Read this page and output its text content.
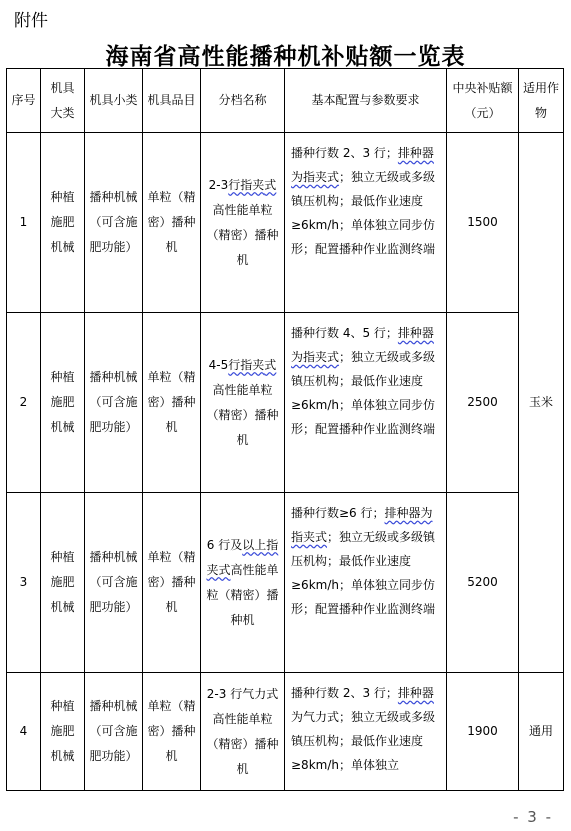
附件
海南省高性能播种机补贴额一览表
序号	机具大类	机具小类	机具品目	分档名称	基本配置与参数要求	中央补贴额（元）	适用作物
1	种植施肥机械	播种机械（可含施肥功能）	单粒（精密）播种机	2-3行指夹式高性能单粒（精密）播种机	播种行数 2、3 行；排种器为指夹式；独立无级或多级镇压机构；最低作业速度≥6km/h；单体独立同步仿形；配置播种作业监测终端	1500	玉米
2	种植施肥机械	播种机械（可含施肥功能）	单粒（精密）播种机	4-5行指夹式高性能单粒（精密）播种机	播种行数 4、5 行；排种器为指夹式；独立无级或多级镇压机构；最低作业速度≥6km/h；单体独立同步仿形；配置播种作业监测终端	2500	
3	种植施肥机械	播种机械（可含施肥功能）	单粒（精密）播种机	6 行及以上指夹式高性能单粒（精密）播种机	播种行数≥6 行；排种器为指夹式；独立无级或多级镇压机构；最低作业速度≥6km/h；单体独立同步仿形；配置播种作业监测终端	5200	
4	种植施肥机械	播种机械（可含施肥功能）	单粒（精密）播种机	2-3 行气力式高性能单粒（精密）播种机	播种行数 2、3 行；排种器为气力式；独立无级或多级镇压机构；最低作业速度≥8km/h；单体独立	1900	通用
- 3 -
